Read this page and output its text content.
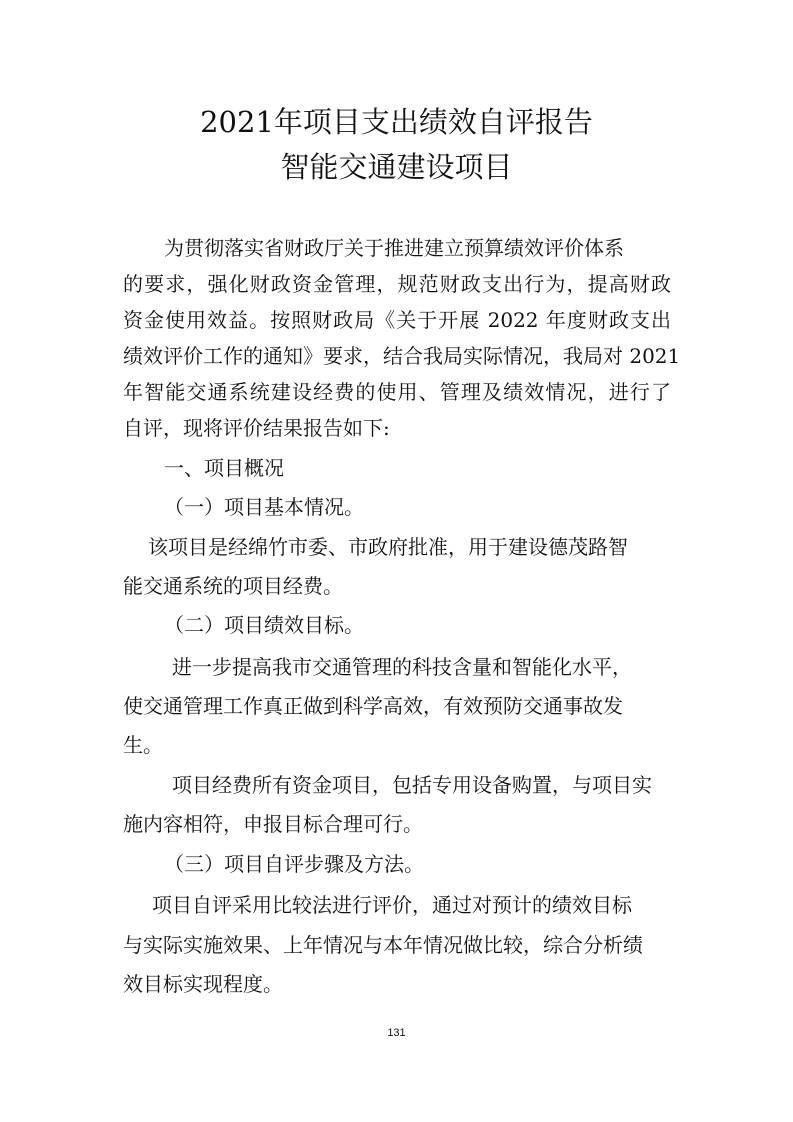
2021年项目支出绩效自评报告
智能交通建设项目
为贯彻落实省财政厅关于推进建立预算绩效评价体系
的要求，强化财政资金管理，规范财政支出行为，提高财政
资金使用效益。按照财政局《关于开展 2022 年度财政支出
绩效评价工作的通知》要求，结合我局实际情况，我局对 2021
年智能交通系统建设经费的使用、管理及绩效情况，进行了
自评，现将评价结果报告如下:
一、项目概况
（一）项目基本情况。
该项目是经绵竹市委、市政府批准，用于建设德茂路智
能交通系统的项目经费。
（二）项目绩效目标。
进一步提高我市交通管理的科技含量和智能化水平，
使交通管理工作真正做到科学高效，有效预防交通事故发
生。
项目经费所有资金项目，包括专用设备购置，与项目实
施内容相符，申报目标合理可行。
（三）项目自评步骤及方法。
项目自评采用比较法进行评价，通过对预计的绩效目标
与实际实施效果、上年情况与本年情况做比较，综合分析绩
效目标实现程度。
131
